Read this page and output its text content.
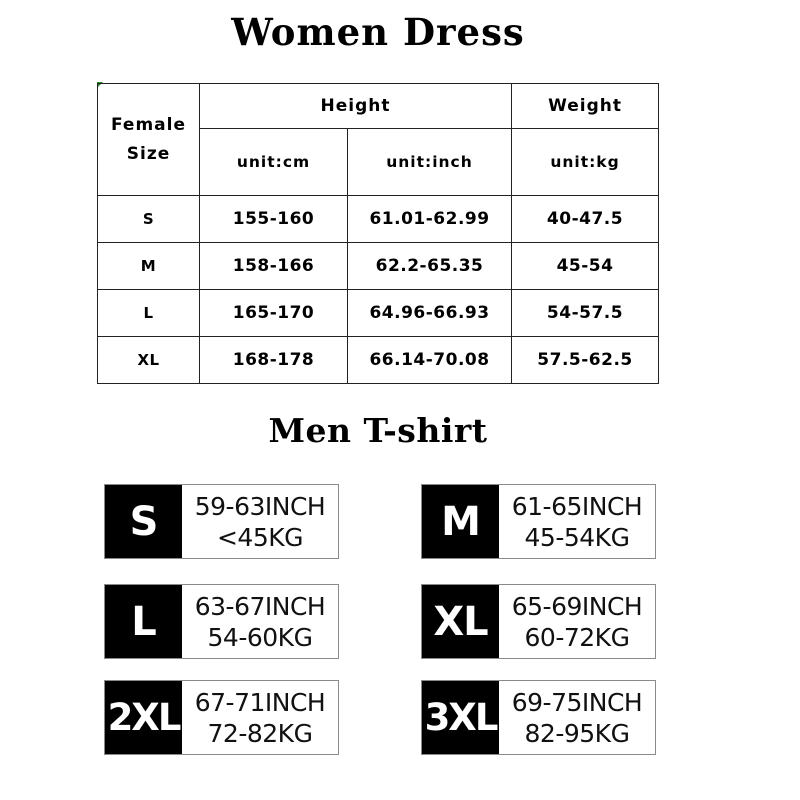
Women Dress
Female
Size	Height		Weight
	unit:cm	unit:inch	unit:kg
S	155-160	61.01-62.99	40-47.5
M	158-166	62.2-65.35	45-54
L	165-170	64.96-66.93	54-57.5
XL	168-178	66.14-70.08	57.5-62.5
Men T-shirt
S	59-63INCH
<45KG	M	61-65INCH
45-54KG
L	63-67INCH
54-60KG	XL 65-69INCH
60-72KG
2XL 67-71INCH
72-82KG	3XL 69-75INCH
82-95KG
